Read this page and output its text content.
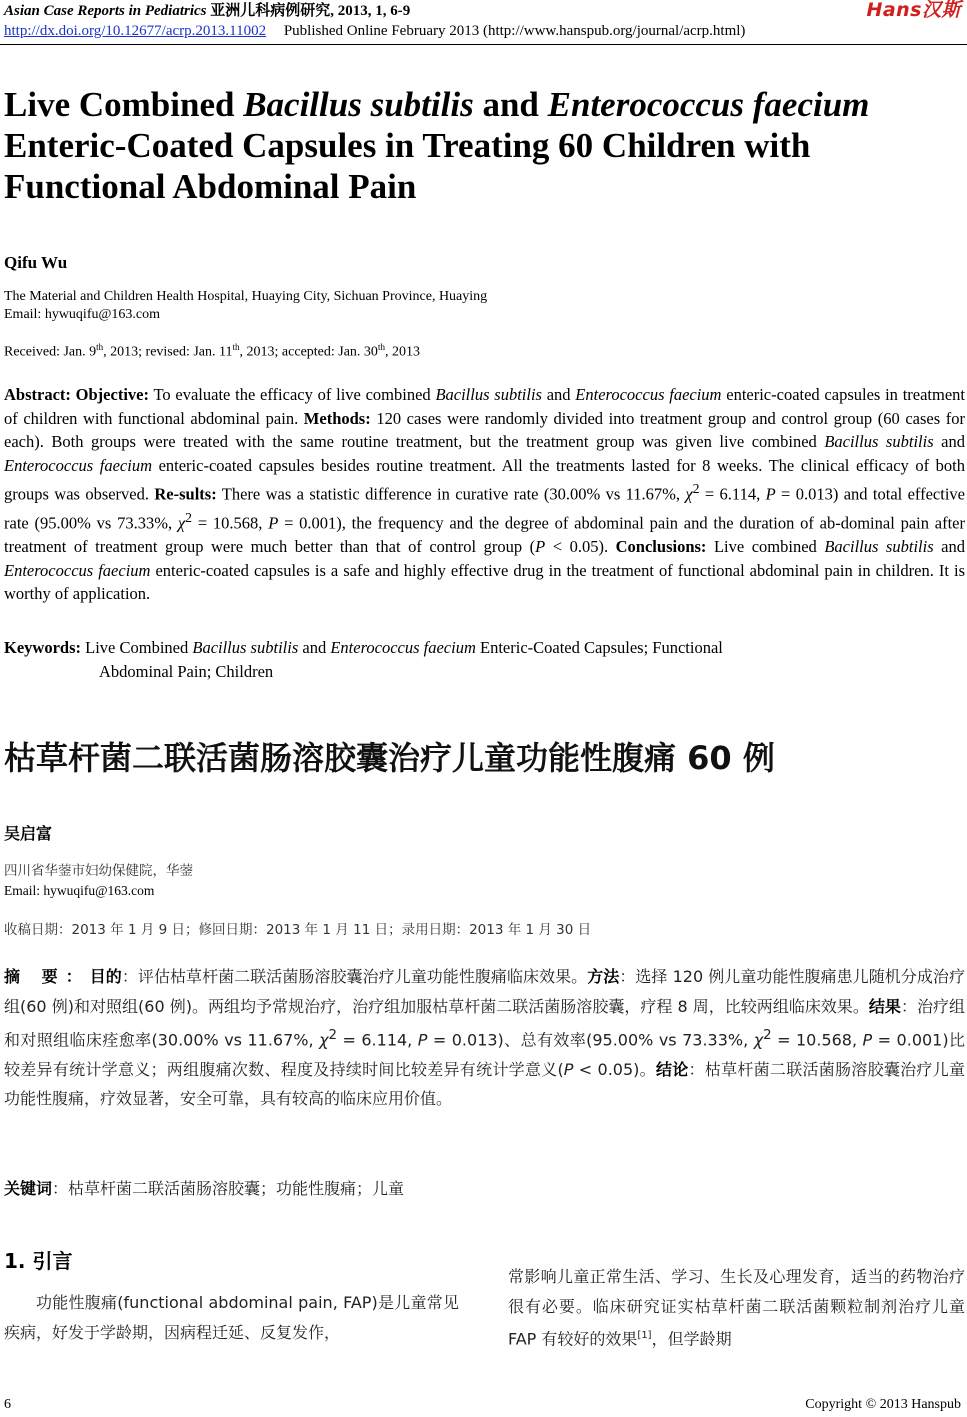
Asian Case Reports in Pediatrics 亚洲儿科病例研究, 2013, 1, 6-9	Hans汉斯
http://dx.doi.org/10.12677/acrp.2013.11002 Published Online February 2013 (http://www.hanspub.org/journal/acrp.html)
Live Combined Bacillus subtilis and Enterococcus faecium Enteric-Coated Capsules in Treating 60 Children with Functional Abdominal Pain
Qifu Wu
The Material and Children Health Hospital, Huaying City, Sichuan Province, Huaying
Email: hywuqifu@163.com
Received: Jan. 9th, 2013; revised: Jan. 11th, 2013; accepted: Jan. 30th, 2013
Abstract: Objective: To evaluate the efficacy of live combined Bacillus subtilis and Enterococcus faecium enteric-coated capsules in treatment of children with functional abdominal pain. Methods: 120 cases were randomly divided into treatment group and control group (60 cases for each). Both groups were treated with the same routine treatment, but the treatment group was given live combined Bacillus subtilis and Enterococcus faecium enteric-coated capsules besides routine treatment. All the treatments lasted for 8 weeks. The clinical efficacy of both groups was observed. Re-sults: There was a statistic difference in curative rate (30.00% vs 11.67%, $\chi^2 = 6.114$, P = 0.013) and total effective rate (95.00% vs 73.33%, $\chi^2 = 10.568$, P = 0.001), the frequency and the degree of abdominal pain and the duration of ab-dominal pain after treatment of treatment group were much better than that of control group (P < 0.05). Conclusions: Live combined Bacillus subtilis and Enterococcus faecium enteric-coated capsules is a safe and highly effective drug in the treatment of functional abdominal pain in children. It is worthy of application.
Keywords: Live Combined Bacillus subtilis and Enterococcus faecium Enteric-Coated Capsules; Functional
Abdominal Pain; Children
枯草杆菌二联活菌肠溶胶囊治疗儿童功能性腹痛 60 例
吴启富
四川省华蓥市妇幼保健院，华蓥
Email: hywuqifu@163.com
收稿日期：2013 年 1 月 9 日；修回日期：2013 年 1 月 11 日；录用日期：2013 年 1 月 30 日
摘 要：目的：评估枯草杆菌二联活菌肠溶胶囊治疗儿童功能性腹痛临床效果。方法：选择 120 例儿童功能性腹痛患儿随机分成治疗组(60 例)和对照组(60 例)。两组均予常规治疗，治疗组加服枯草杆菌二联活菌肠溶胶囊，疗程 8 周，比较两组临床效果。结果：治疗组和对照组临床痊愈率(30.00% vs 11.67%, $\chi^2 = 6.114$, P = 0.013)、总有效率(95.00% vs 73.33%, $\chi^2 = 10.568$, P = 0.001)比较差异有统计学意义；两组腹痛次数、程度及持续时间比较差异有统计学意义(P < 0.05)。结论：枯草杆菌二联活菌肠溶胶囊治疗儿童功能性腹痛，疗效显著，安全可靠，具有较高的临床应用价值。
关键词：枯草杆菌二联活菌肠溶胶囊；功能性腹痛；儿童
1. 引言
功能性腹痛(functional abdominal pain, FAP)是儿童常见疾病，好发于学龄期，因病程迁延、反复发作，
常影响儿童正常生活、学习、生长及心理发育，适当的药物治疗很有必要。临床研究证实枯草杆菌二联活菌颗粒制剂治疗儿童 FAP 有较好的效果[1]，但学龄期
6	Copyright © 2013 Hanspub
